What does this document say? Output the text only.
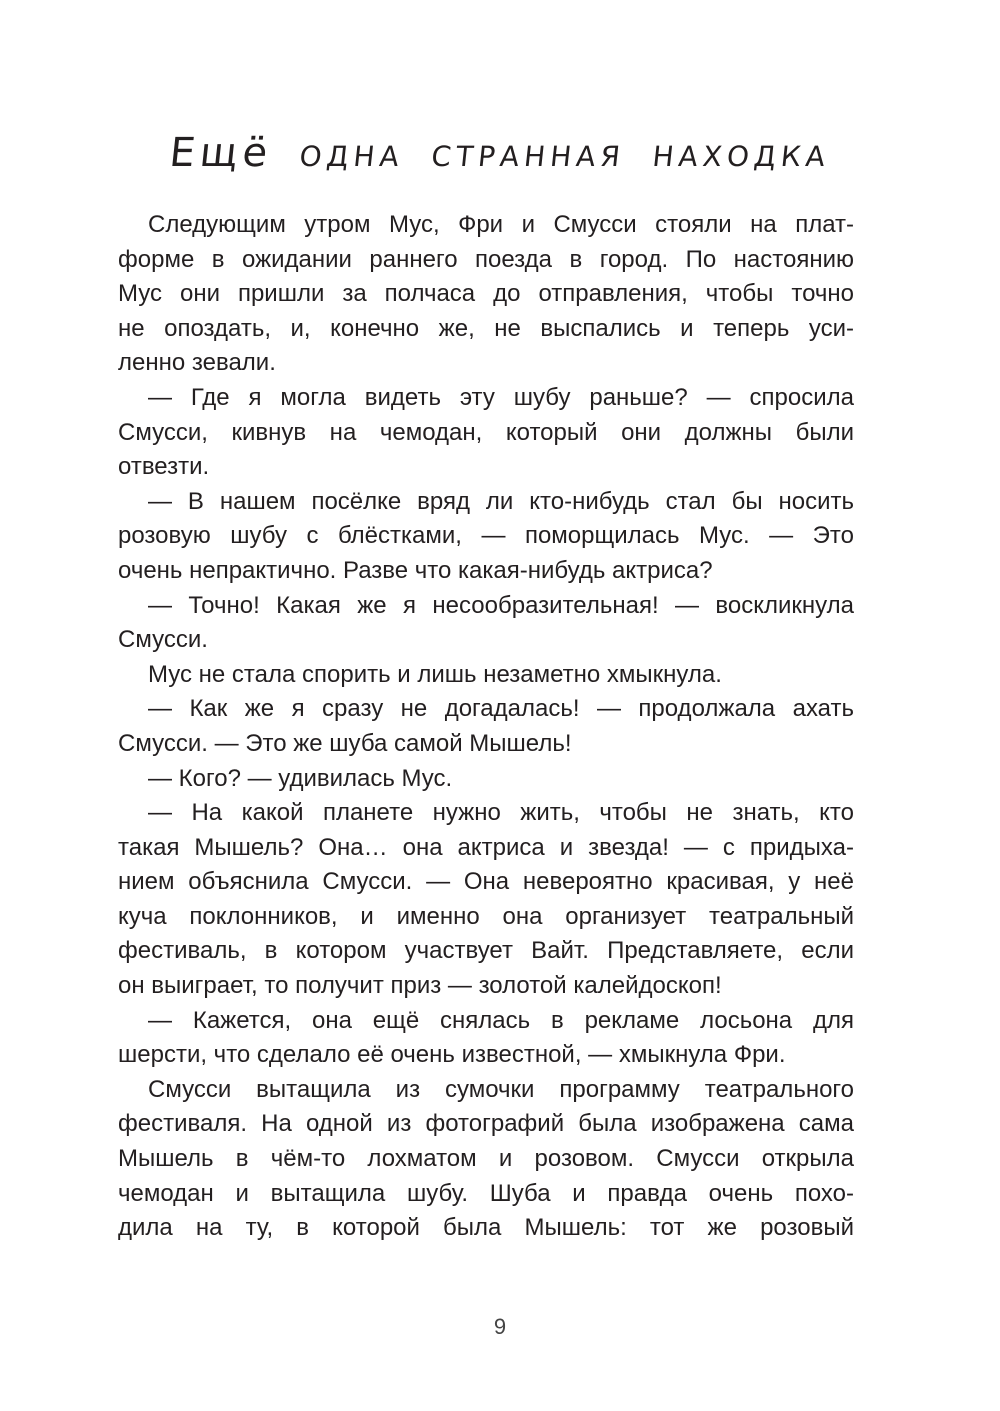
Ещё одна странная находка
Следующим утром Мус, Фри и Смусси стояли на плат-
форме в ожидании раннего поезда в город. По настоянию
Мус они пришли за полчаса до отправления, чтобы точно
не опоздать, и, конечно же, не выспались и теперь уси-
ленно зевали.
— Где я могла видеть эту шубу раньше? — спросила
Смусси, кивнув на чемодан, который они должны были
отвезти.
— В нашем посёлке вряд ли кто-нибудь стал бы носить
розовую шубу с блёстками, — поморщилась Мус. — Это
очень непрактично. Разве что какая-нибудь актриса?
— Точно! Какая же я несообразительная! — воскликнула
Смусси.
Мус не стала спорить и лишь незаметно хмыкнула.
— Как же я сразу не догадалась! — продолжала ахать
Смусси. — Это же шуба самой Мышель!
— Кого? — удивилась Мус.
— На какой планете нужно жить, чтобы не знать, кто
такая Мышель? Она… она актриса и звезда! — с придыха-
нием объяснила Смусси. — Она невероятно красивая, у неё
куча поклонников, и именно она организует театральный
фестиваль, в котором участвует Вайт. Представляете, если
он выиграет, то получит приз — золотой калейдоскоп!
— Кажется, она ещё снялась в рекламе лосьона для
шерсти, что сделало её очень известной, — хмыкнула Фри.
Смусси вытащила из сумочки программу театрального
фестиваля. На одной из фотографий была изображена сама
Мышель в чём-то лохматом и розовом. Смусси открыла
чемодан и вытащила шубу. Шуба и правда очень похо-
дила на ту, в которой была Мышель: тот же розовый
9
